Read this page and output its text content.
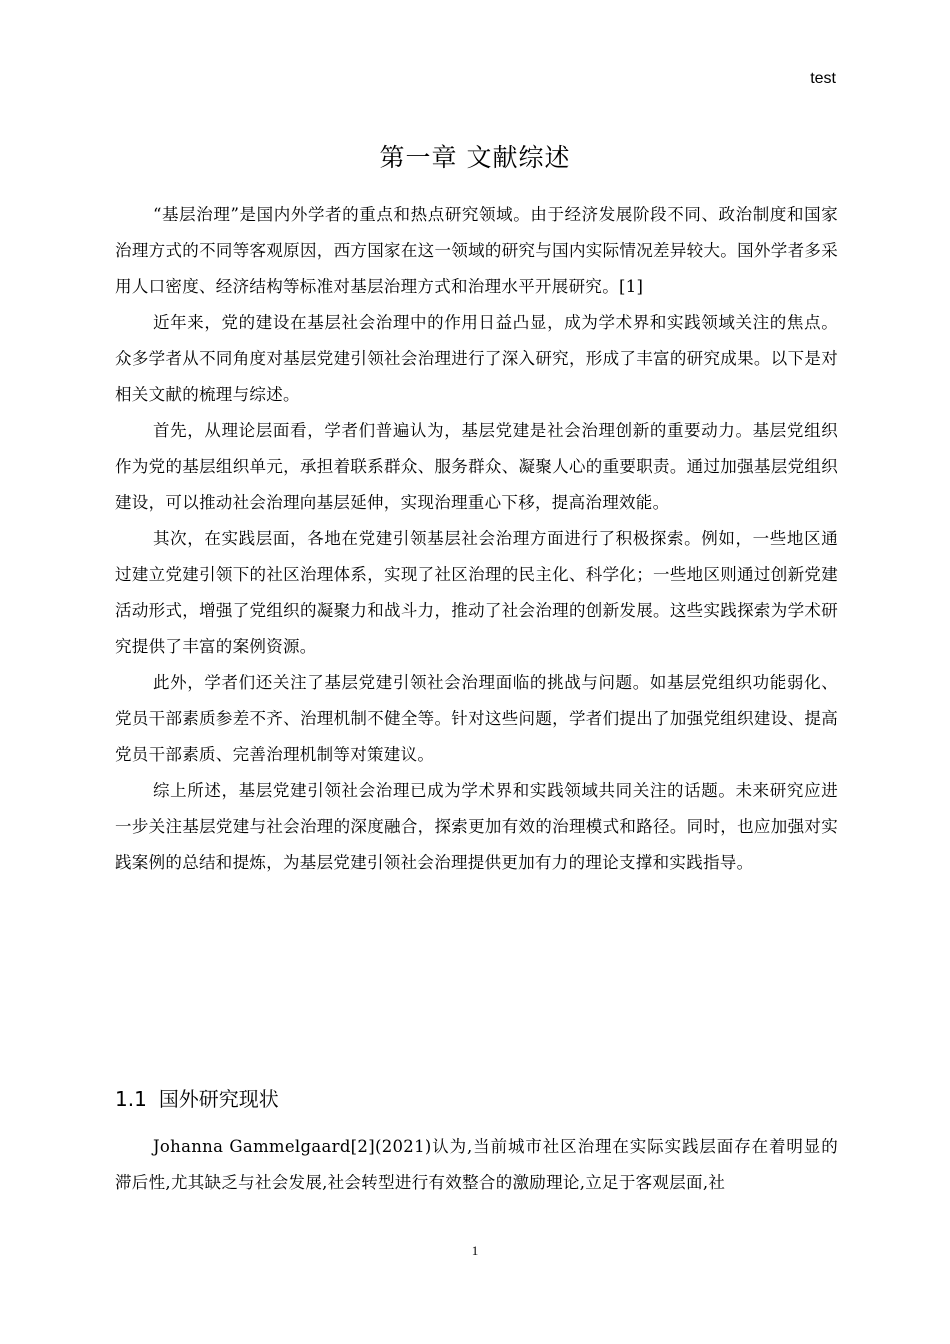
test
第一章 文献综述

“基层治理”是国内外学者的重点和热点研究领域。由于经济发展阶段不同、政治制度和国家治理方式的不同等客观原因，西方国家在这一领域的研究与国内实际情况差异较大。国外学者多采用人口密度、经济结构等标准对基层治理方式和治理水平开展研究。[1]

近年来，党的建设在基层社会治理中的作用日益凸显，成为学术界和实践领域关注的焦点。众多学者从不同角度对基层党建引领社会治理进行了深入研究，形成了丰富的研究成果。以下是对相关文献的梳理与综述。

首先，从理论层面看，学者们普遍认为，基层党建是社会治理创新的重要动力。基层党组织作为党的基层组织单元，承担着联系群众、服务群众、凝聚人心的重要职责。通过加强基层党组织建设，可以推动社会治理向基层延伸，实现治理重心下移，提高治理效能。

其次，在实践层面，各地在党建引领基层社会治理方面进行了积极探索。例如，一些地区通过建立党建引领下的社区治理体系，实现了社区治理的民主化、科学化；一些地区则通过创新党建活动形式，增强了党组织的凝聚力和战斗力，推动了社会治理的创新发展。这些实践探索为学术研究提供了丰富的案例资源。

此外，学者们还关注了基层党建引领社会治理面临的挑战与问题。如基层党组织功能弱化、党员干部素质参差不齐、治理机制不健全等。针对这些问题，学者们提出了加强党组织建设、提高党员干部素质、完善治理机制等对策建议。

综上所述，基层党建引领社会治理已成为学术界和实践领域共同关注的话题。未来研究应进一步关注基层党建与社会治理的深度融合，探索更加有效的治理模式和路径。同时，也应加强对实践案例的总结和提炼，为基层党建引领社会治理提供更加有力的理论支撑和实践指导。

1.1 国外研究现状

Johanna Gammelgaard[2](2021)认为,当前城市社区治理在实际实践层面存在着明显的滞后性,尤其缺乏与社会发展,社会转型进行有效整合的激励理论,立足于客观层面,社

1
